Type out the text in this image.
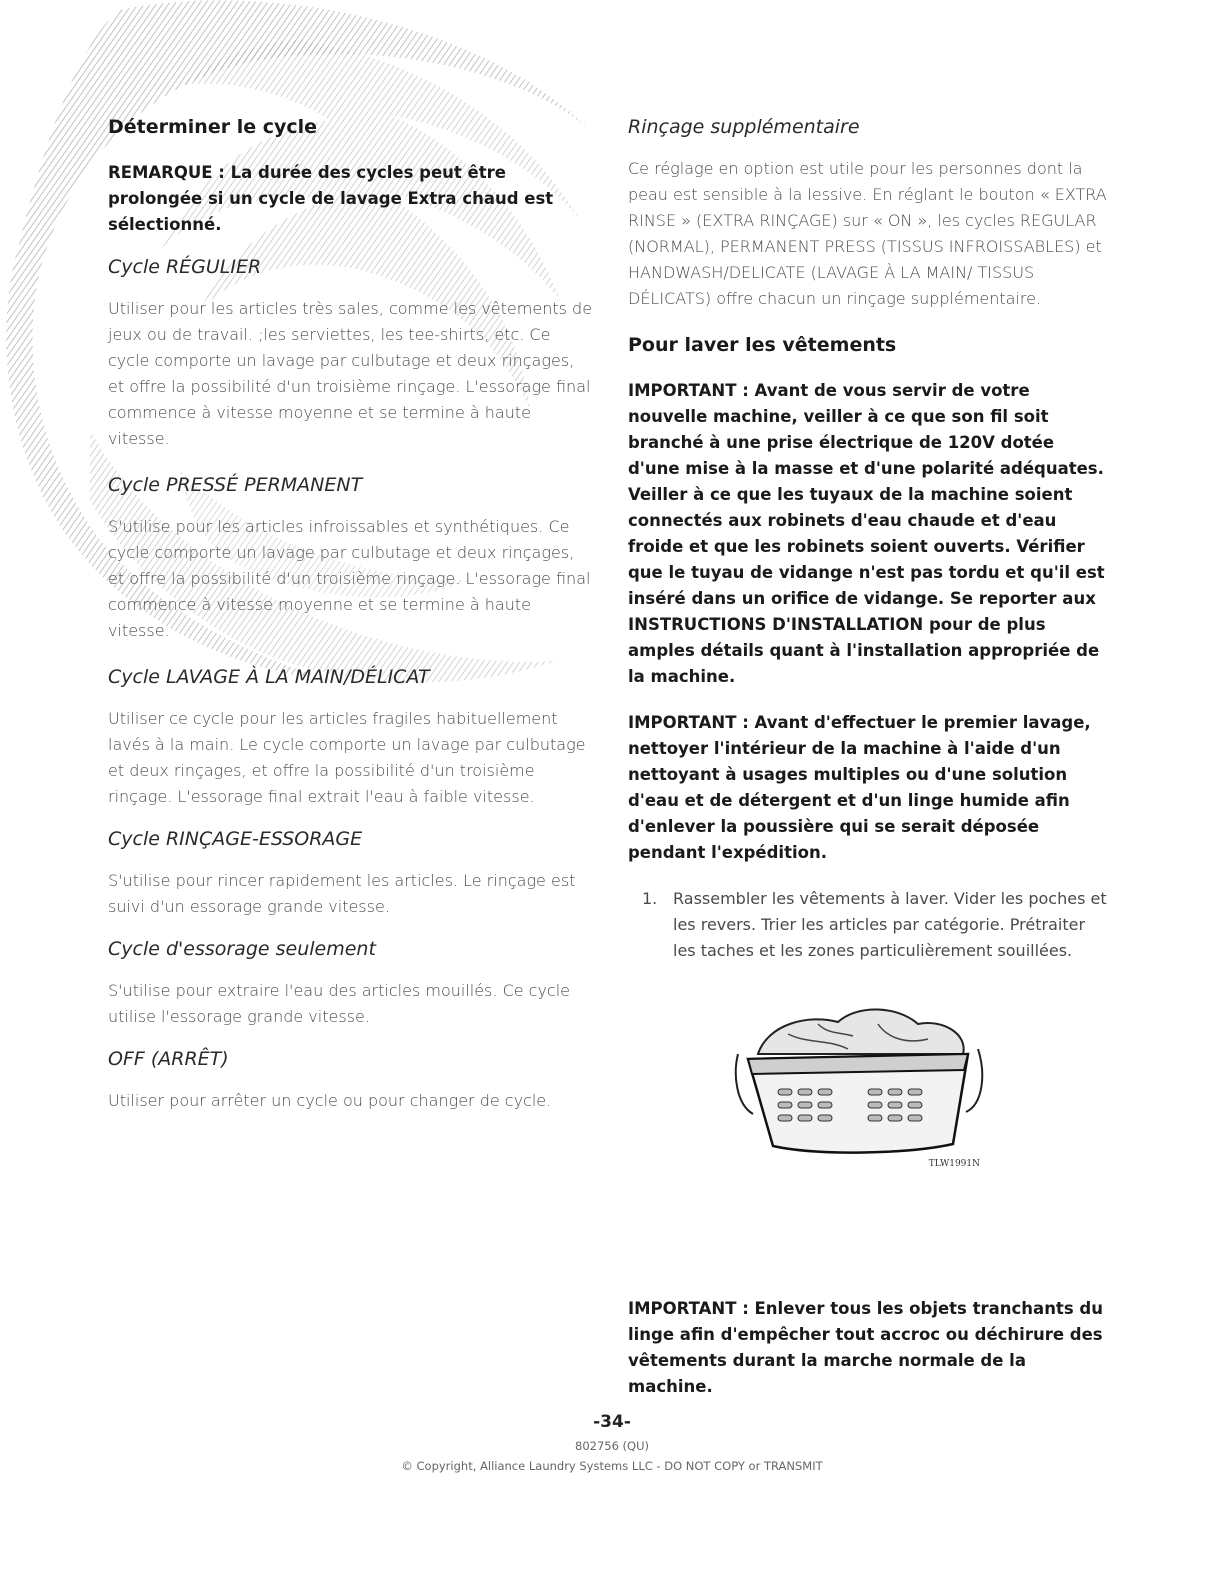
Déterminer le cycle

REMARQUE : La durée des cycles peut être prolongée si un cycle de lavage Extra chaud est sélectionné.

Cycle RÉGULIER

Utiliser pour les articles très sales, comme les vêtements de jeux ou de travail. ;les serviettes, les tee-shirts, etc. Ce cycle comporte un lavage par culbutage et deux rinçages, et offre la possibilité d'un troisième rinçage. L'essorage final commence à vitesse moyenne et se termine à haute vitesse.

Cycle PRESSÉ PERMANENT

S'utilise pour les articles infroissables et synthétiques. Ce cycle comporte un lavage par culbutage et deux rinçages, et offre la possibilité d'un troisième rinçage. L'essorage final commence à vitesse moyenne et se termine à haute vitesse.

Cycle LAVAGE À LA MAIN/DÉLICAT

Utiliser ce cycle pour les articles fragiles habituellement lavés à la main. Le cycle comporte un lavage par culbutage et deux rinçages, et offre la possibilité d'un troisième rinçage. L'essorage final extrait l'eau à faible vitesse.

Cycle RINÇAGE-ESSORAGE

S'utilise pour rincer rapidement les articles. Le rinçage est suivi d'un essorage grande vitesse.

Cycle d'essorage seulement

S'utilise pour extraire l'eau des articles mouillés. Ce cycle utilise l'essorage grande vitesse.

OFF (ARRÊT)

Utiliser pour arrêter un cycle ou pour changer de cycle.

Rinçage supplémentaire

Ce réglage en option est utile pour les personnes dont la peau est sensible à la lessive. En réglant le bouton « EXTRA RINSE » (EXTRA RINÇAGE) sur « ON », les cycles REGULAR (NORMAL), PERMANENT PRESS (TISSUS INFROISSABLES) et HANDWASH/DELICATE (LAVAGE À LA MAIN/ TISSUS DÉLICATS) offre chacun un rinçage supplémentaire.

Pour laver les vêtements

IMPORTANT : Avant de vous servir de votre nouvelle machine, veiller à ce que son fil soit branché à une prise électrique de 120V dotée d'une mise à la masse et d'une polarité adéquates. Veiller à ce que les tuyaux de la machine soient connectés aux robinets d'eau chaude et d'eau froide et que les robinets soient ouverts. Vérifier que le tuyau de vidange n'est pas tordu et qu'il est inséré dans un orifice de vidange. Se reporter aux INSTRUCTIONS D'INSTALLATION pour de plus amples détails quant à l'installation appropriée de la machine.

IMPORTANT : Avant d'effectuer le premier lavage, nettoyer l'intérieur de la machine à l'aide d'un nettoyant à usages multiples ou d'une solution d'eau et de détergent et d'un linge humide afin d'enlever la poussière qui se serait déposée pendant l'expédition.

1. Rassembler les vêtements à laver. Vider les poches et les revers. Trier les articles par catégorie. Prétraiter les taches et les zones particulièrement souillées.
TLW1991N

IMPORTANT : Enlever tous les objets tranchants du linge afin d'empêcher tout accroc ou déchirure des vêtements durant la marche normale de la machine.

-34-
802756 (QU)
© Copyright, Alliance Laundry Systems LLC - DO NOT COPY or TRANSMIT
